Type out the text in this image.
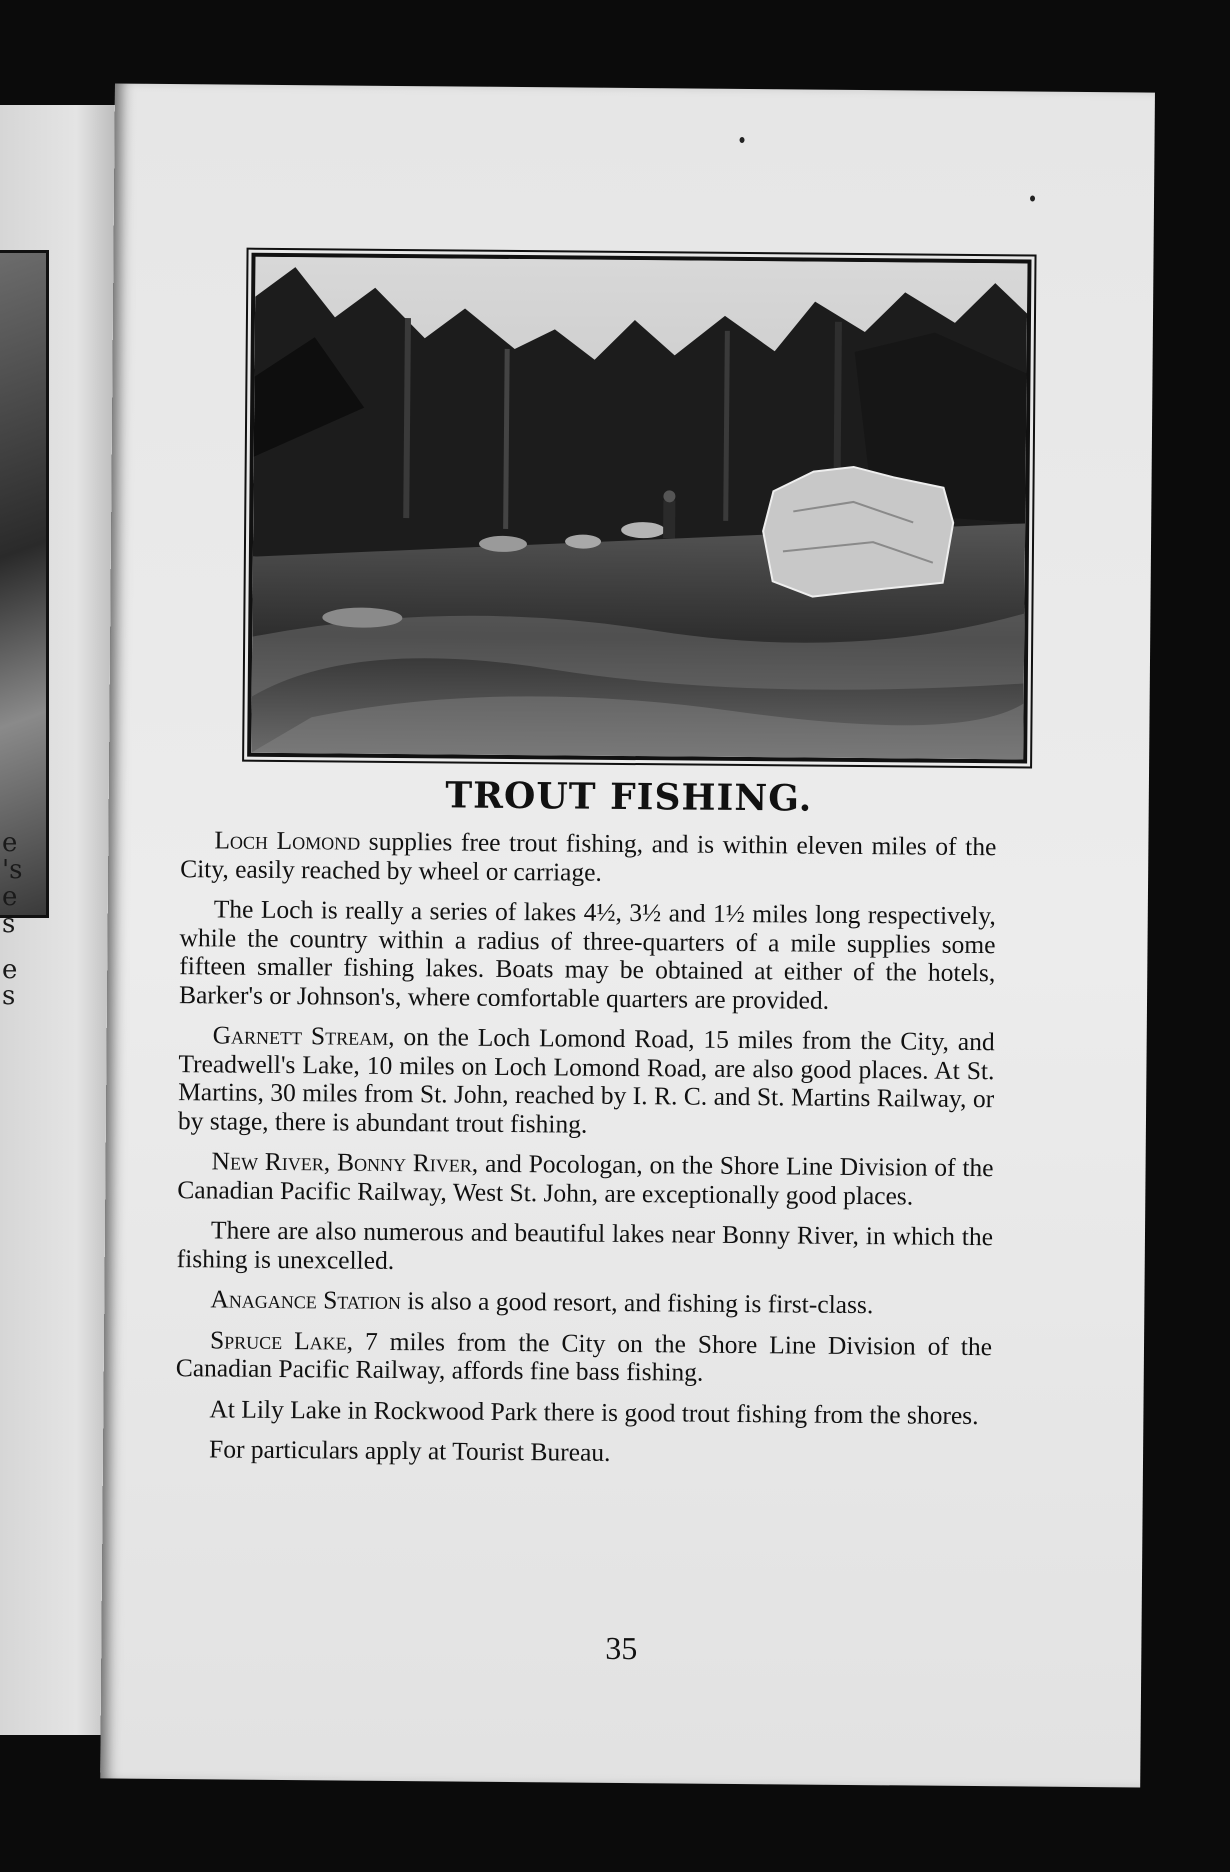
e
's
e
s
e
s
TROUT FISHING.

Loch Lomond supplies free trout fishing, and is within eleven miles of the City, easily reached by wheel or carriage.

The Loch is really a series of lakes 4½, 3½ and 1½ miles long respectively, while the country within a radius of three-quarters of a mile supplies some fifteen smaller fishing lakes. Boats may be obtained at either of the hotels, Barker's or Johnson's, where comfortable quarters are provided.

Garnett Stream, on the Loch Lomond Road, 15 miles from the City, and Treadwell's Lake, 10 miles on Loch Lomond Road, are also good places. At St. Martins, 30 miles from St. John, reached by I. R. C. and St. Martins Railway, or by stage, there is abundant trout fishing.

New River, Bonny River, and Pocologan, on the Shore Line Division of the Canadian Pacific Railway, West St. John, are exceptionally good places.

There are also numerous and beautiful lakes near Bonny River, in which the fishing is unexcelled.

Anagance Station is also a good resort, and fishing is first-class.

Spruce Lake, 7 miles from the City on the Shore Line Division of the Canadian Pacific Railway, affords fine bass fishing.

At Lily Lake in Rockwood Park there is good trout fishing from the shores.

For particulars apply at Tourist Bureau.

35
